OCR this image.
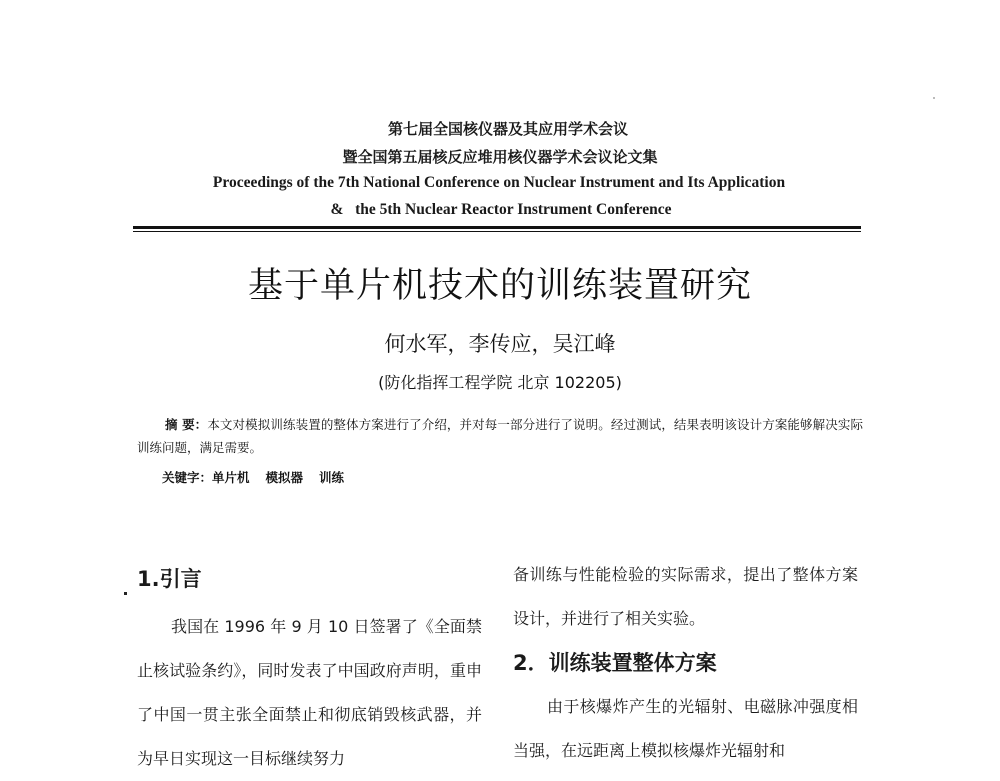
第七届全国核仪器及其应用学术会议
暨全国第五届核反应堆用核仪器学术会议论文集
Proceedings of the 7th National Conference on Nuclear Instrument and Its Application
&   the 5th Nuclear Reactor Instrument Conference
基于单片机技术的训练装置研究
何水军，李传应，吴江峰
(防化指挥工程学院 北京 102205)
摘 要：本文对模拟训练装置的整体方案进行了介绍，并对每一部分进行了说明。经过测试，结果表明该设计方案能够解决实际训练问题，满足需要。
关键字：单片机 模拟器 训练

1.引言

我国在 1996 年 9 月 10 日签署了《全面禁止核试验条约》，同时发表了中国政府声明，重申了中国一贯主张全面禁止和彻底销毁核武器，并为早日实现这一目标继续努力

备训练与性能检验的实际需求，提出了整体方案设计，并进行了相关实验。

2．训练装置整体方案

由于核爆炸产生的光辐射、电磁脉冲强度相当强，在远距离上模拟核爆炸光辐射和
